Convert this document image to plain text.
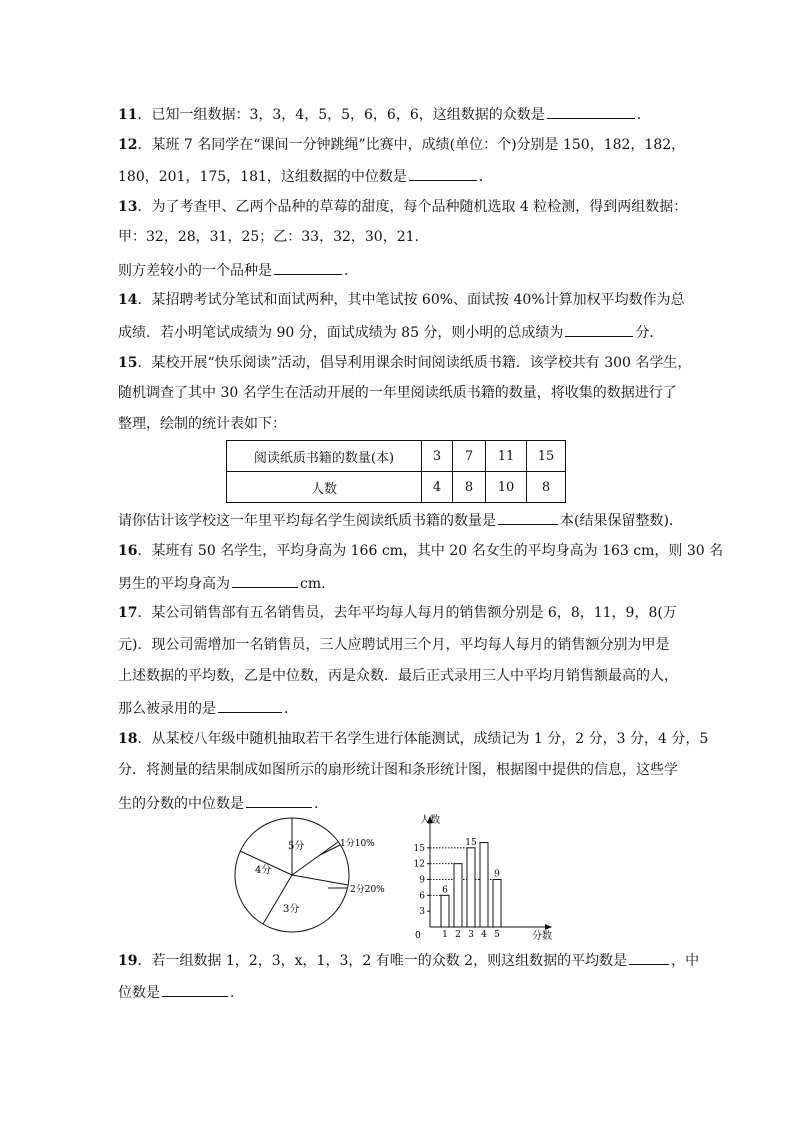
11．已知一组数据：3，3，4，5，5，6，6，6，这组数据的众数是	．
12．某班 7 名同学在“课间一分钟跳绳”比赛中，成绩(单位：个)分别是 150，182，182，
180，201，175，181，这组数据的中位数是	．
13．为了考查甲、乙两个品种的草莓的甜度，每个品种随机选取 4 粒检测，得到两组数据：
甲：32，28，31，25；乙：33，32，30，21.
则方差较小的一个品种是	．
14．某招聘考试分笔试和面试两种，其中笔试按 60%、面试按 40%计算加权平均数作为总
成绩．若小明笔试成绩为 90 分，面试成绩为 85 分，则小明的总成绩为	分．
15．某校开展“快乐阅读”活动，倡导利用课余时间阅读纸质书籍．该学校共有 300 名学生，
随机调查了其中 30 名学生在活动开展的一年里阅读纸质书籍的数量，将收集的数据进行了
整理，绘制的统计表如下：
阅读纸质书籍的数量(本)	3	7	11	15
人数	4	8	10	8
请你估计该学校这一年里平均每名学生阅读纸质书籍的数量是	本(结果保留整数)．
16．某班有 50 名学生，平均身高为 166 cm，其中 20 名女生的平均身高为 163 cm，则 30 名
男生的平均身高为	cm.
17．某公司销售部有五名销售员，去年平均每人每月的销售额分别是 6，8，11，9，8(万
元)．现公司需增加一名销售员，三人应聘试用三个月，平均每人每月的销售额分别为甲是
上述数据的平均数，乙是中位数，丙是众数．最后正式录用三人中平均月销售额最高的人，
那么被录用的是	．
18．从某校八年级中随机抽取若干名学生进行体能测试，成绩记为 1 分，2 分，3 分，4 分，5
分．将测量的结果制成如图所示的扇形统计图和条形统计图，根据图中提供的信息，这些学
生的分数的中位数是	．
5分
4分
3分
1分10%
2分20%
人数
分数
0
3
6
9
12
15
1
6
2 3
15
4 5
9
19．若一组数据 1，2，3，x，1，3，2 有唯一的众数 2，则这组数据的平均数是	，中
位数是	．
